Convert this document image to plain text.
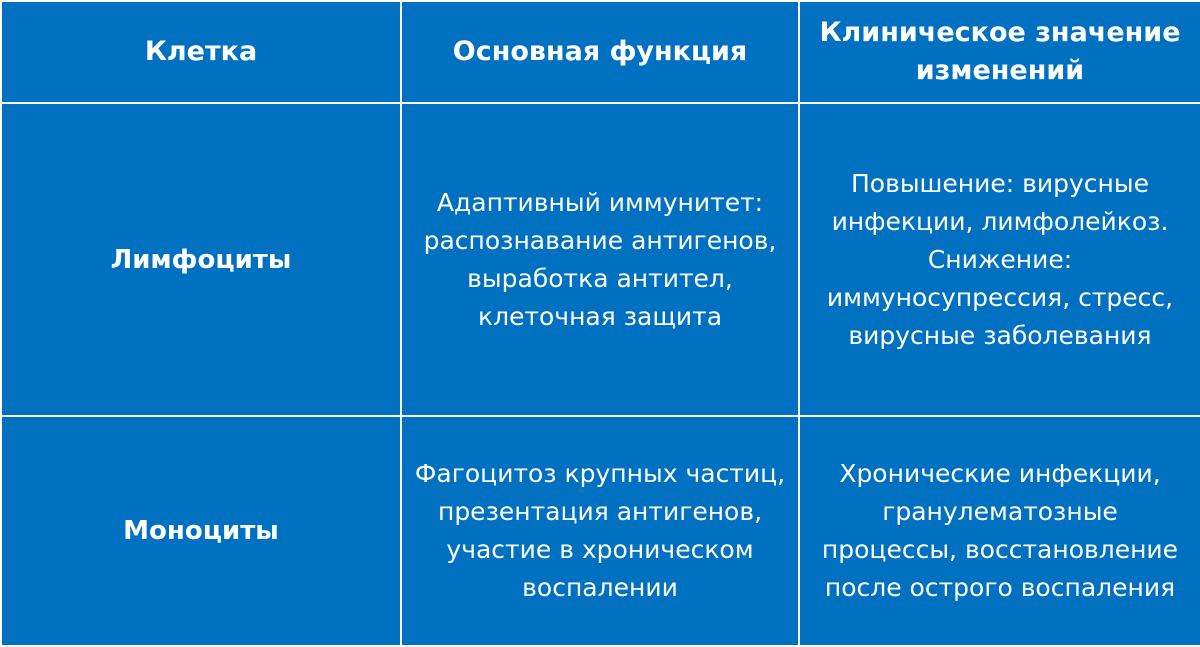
Клетка	Основная функция	Клиническое значение
изменений
Лимфоциты	Адаптивный иммунитет:
распознавание антигенов,
выработка антител,
клеточная защита	Повышение: вирусные
инфекции, лимфолейкоз.
Снижение:
иммуносупрессия, стресс,
вирусные заболевания
Моноциты	Фагоцитоз крупных частиц,
презентация антигенов,
участие в хроническом
воспалении	Хронические инфекции,
гранулематозные
процессы, восстановление
после острого воспаления
